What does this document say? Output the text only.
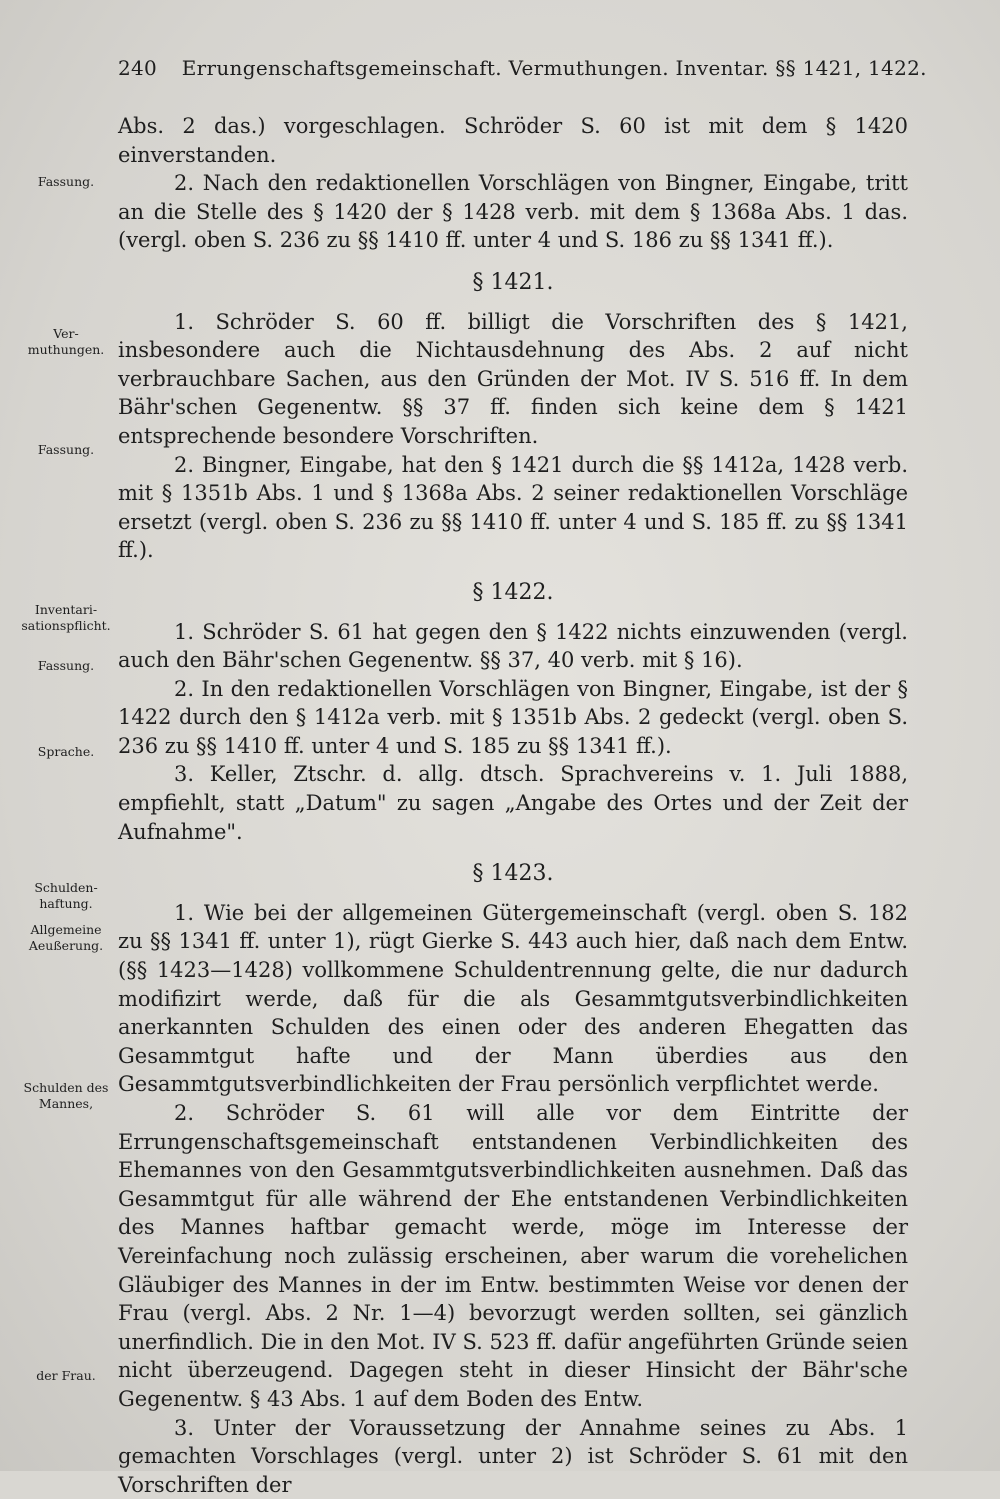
240 Errungenschaftsgemeinschaft. Vermuthungen. Inventar. §§ 1421, 1422.
Fassung.
Ver-
muthungen.
Fassung.
Inventari-
sationspflicht.
Fassung.
Sprache.
Schulden-
haftung.
Allgemeine
Aeußerung.
Schulden des
Mannes,
der Frau.

Abs. 2 das.) vorgeschlagen. Schröder S. 60 ist mit dem § 1420 einverstanden.

2. Nach den redaktionellen Vorschlägen von Bingner, Eingabe, tritt an die Stelle des § 1420 der § 1428 verb. mit dem § 1368a Abs. 1 das. (vergl. oben S. 236 zu §§ 1410 ff. unter 4 und S. 186 zu §§ 1341 ff.).

§ 1421.

1. Schröder S. 60 ff. billigt die Vorschriften des § 1421, insbesondere auch die Nichtausdehnung des Abs. 2 auf nicht verbrauchbare Sachen, aus den Gründen der Mot. IV S. 516 ff. In dem Bähr'schen Gegenentw. §§ 37 ff. finden sich keine dem § 1421 entsprechende besondere Vorschriften.

2. Bingner, Eingabe, hat den § 1421 durch die §§ 1412a, 1428 verb. mit § 1351b Abs. 1 und § 1368a Abs. 2 seiner redaktionellen Vorschläge ersetzt (vergl. oben S. 236 zu §§ 1410 ff. unter 4 und S. 185 ff. zu §§ 1341 ff.).

§ 1422.

1. Schröder S. 61 hat gegen den § 1422 nichts einzuwenden (vergl. auch den Bähr'schen Gegenentw. §§ 37, 40 verb. mit § 16).

2. In den redaktionellen Vorschlägen von Bingner, Eingabe, ist der § 1422 durch den § 1412a verb. mit § 1351b Abs. 2 gedeckt (vergl. oben S. 236 zu §§ 1410 ff. unter 4 und S. 185 zu §§ 1341 ff.).

3. Keller, Ztschr. d. allg. dtsch. Sprachvereins v. 1. Juli 1888, empfiehlt, statt „Datum" zu sagen „Angabe des Ortes und der Zeit der Aufnahme".

§ 1423.

1. Wie bei der allgemeinen Gütergemeinschaft (vergl. oben S. 182 zu §§ 1341 ff. unter 1), rügt Gierke S. 443 auch hier, daß nach dem Entw. (§§ 1423—1428) vollkommene Schuldentrennung gelte, die nur dadurch modifizirt werde, daß für die als Gesammtgutsverbindlichkeiten anerkannten Schulden des einen oder des anderen Ehegatten das Gesammtgut hafte und der Mann überdies aus den Gesammtgutsverbindlichkeiten der Frau persönlich verpflichtet werde.

2. Schröder S. 61 will alle vor dem Eintritte der Errungenschaftsgemeinschaft entstandenen Verbindlichkeiten des Ehemannes von den Gesammtgutsverbindlichkeiten ausnehmen. Daß das Gesammtgut für alle während der Ehe entstandenen Verbindlichkeiten des Mannes haftbar gemacht werde, möge im Interesse der Vereinfachung noch zulässig erscheinen, aber warum die vorehelichen Gläubiger des Mannes in der im Entw. bestimmten Weise vor denen der Frau (vergl. Abs. 2 Nr. 1—4) bevorzugt werden sollten, sei gänzlich unerfindlich. Die in den Mot. IV S. 523 ff. dafür angeführten Gründe seien nicht überzeugend. Dagegen steht in dieser Hinsicht der Bähr'sche Gegenentw. § 43 Abs. 1 auf dem Boden des Entw.

3. Unter der Voraussetzung der Annahme seines zu Abs. 1 gemachten Vorschlages (vergl. unter 2) ist Schröder S. 61 mit den Vorschriften der
